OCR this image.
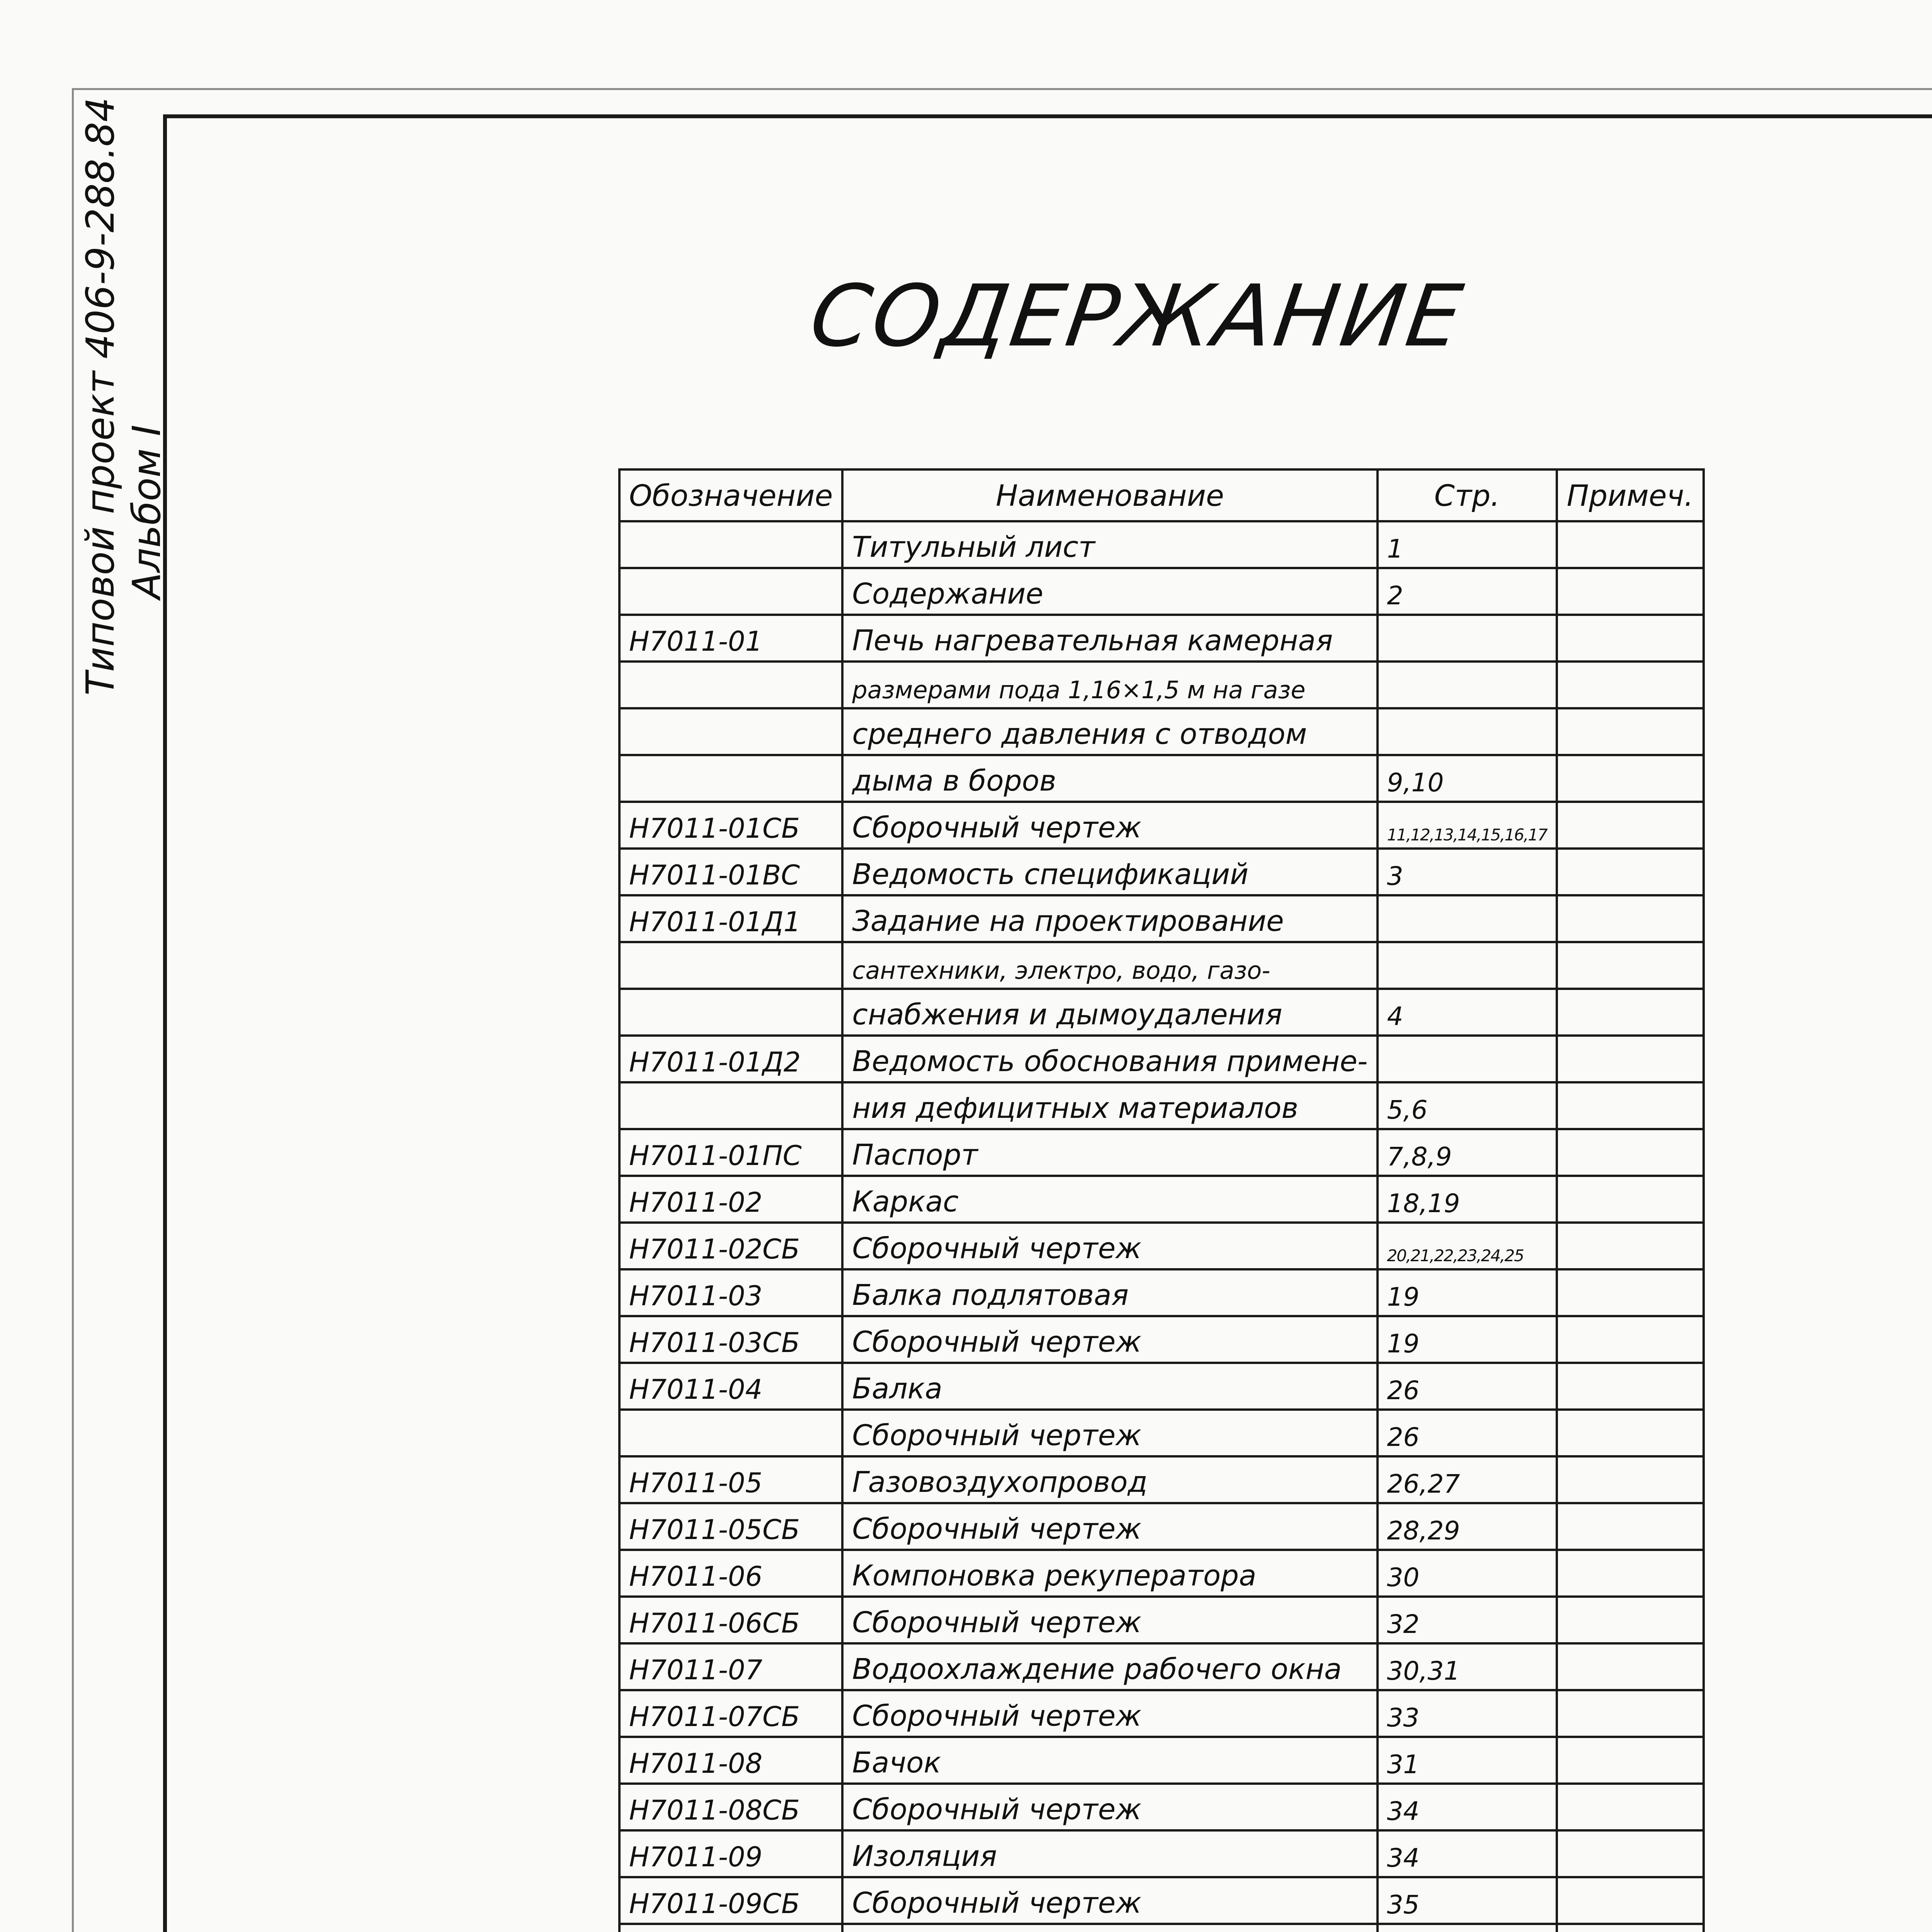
Типовой проект 406-9-288.84 Альбом I
СОДЕРЖАНИЕ
Обозначение	Наименование	Стр.	Примеч.
	Титульный лист	1	
	Содержание	2	
Н7011-01	Печь нагревательная камерная		
	размерами пода 1,16×1,5 м на газе		
	среднего давления с отводом		
	дыма в боров	9,10	
Н7011-01СБ	Сборочный чертеж	11,12,13,14,15,16,17	
Н7011-01ВС	Ведомость спецификаций	3	
Н7011-01Д1	Задание на проектирование		
	сантехники, электро, водо, газо-		
	снабжения и дымоудаления	4	
Н7011-01Д2	Ведомость обоснования примене-		
	ния дефицитных материалов	5,6	
Н7011-01ПС	Паспорт	7,8,9	
Н7011-02	Каркас	18,19	
Н7011-02СБ	Сборочный чертеж	20,21,22,23,24,25	
Н7011-03	Балка подлятовая	19	
Н7011-03СБ	Сборочный чертеж	19	
Н7011-04	Балка	26	
	Сборочный чертеж	26	
Н7011-05	Газовоздухопровод	26,27	
Н7011-05СБ	Сборочный чертеж	28,29	
Н7011-06	Компоновка рекуператора	30	
Н7011-06СБ	Сборочный чертеж	32	
Н7011-07	Водоохлаждение рабочего окна	30,31	
Н7011-07СБ	Сборочный чертеж	33	
Н7011-08	Бачок	31	
Н7011-08СБ	Сборочный чертеж	34	
Н7011-09	Изоляция	34	
Н7011-09СБ	Сборочный чертеж	35	
